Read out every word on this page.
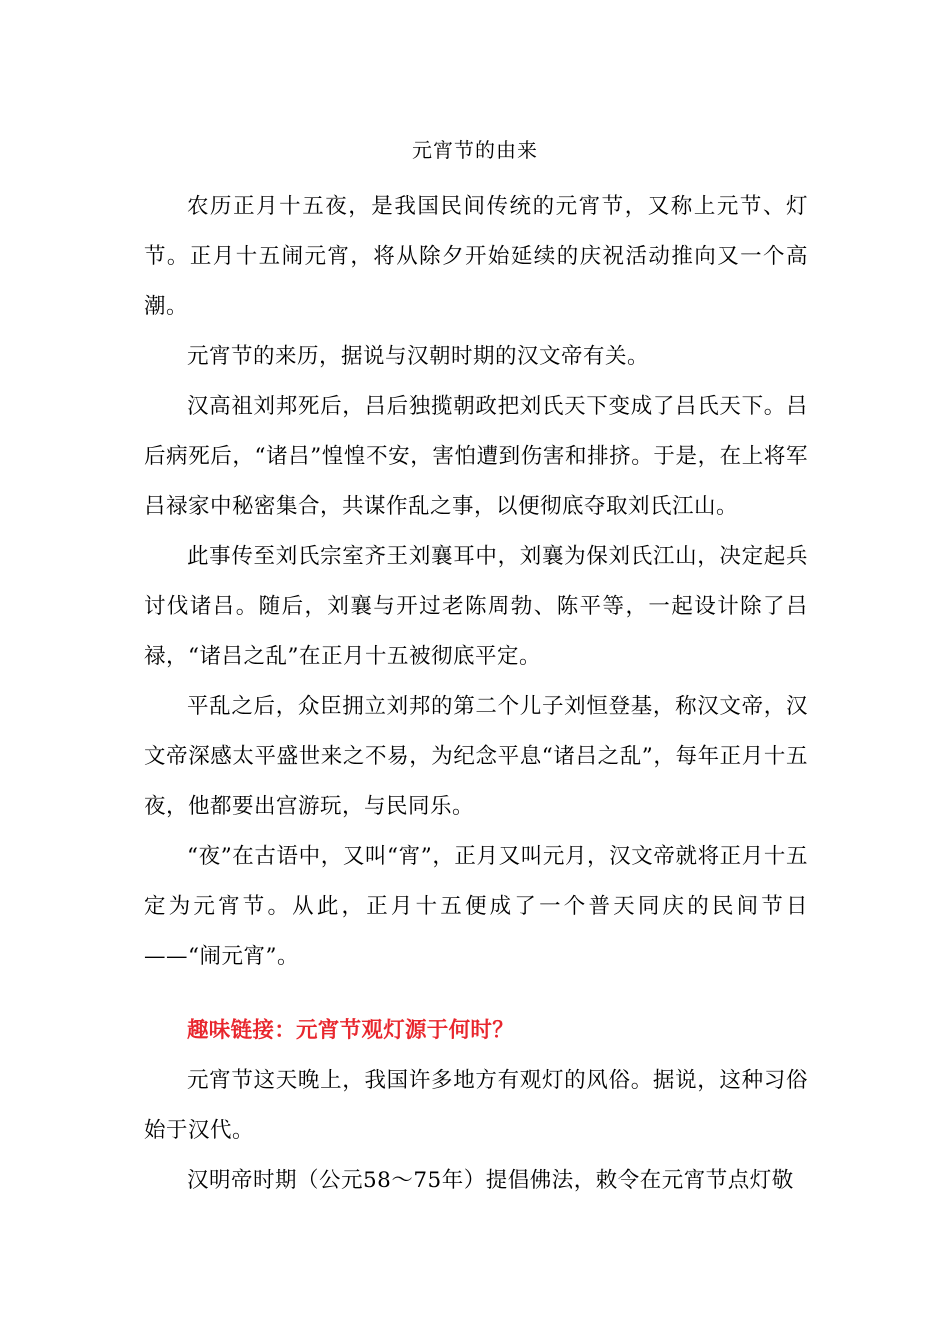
元宵节的由来

农历正月十五夜，是我国民间传统的元宵节，又称上元节、灯节。正月十五闹元宵，将从除夕开始延续的庆祝活动推向又一个高潮。

元宵节的来历，据说与汉朝时期的汉文帝有关。

汉高祖刘邦死后，吕后独揽朝政把刘氏天下变成了吕氏天下。吕后病死后，“诸吕”惶惶不安，害怕遭到伤害和排挤。于是，在上将军吕禄家中秘密集合，共谋作乱之事，以便彻底夺取刘氏江山。

此事传至刘氏宗室齐王刘襄耳中，刘襄为保刘氏江山，决定起兵讨伐诸吕。随后，刘襄与开过老陈周勃、陈平等，一起设计除了吕禄，“诸吕之乱”在正月十五被彻底平定。

平乱之后，众臣拥立刘邦的第二个儿子刘恒登基，称汉文帝，汉文帝深感太平盛世来之不易，为纪念平息“诸吕之乱”，每年正月十五夜，他都要出宫游玩，与民同乐。

“夜”在古语中，又叫“宵”，正月又叫元月，汉文帝就将正月十五定为元宵节。从此，正月十五便成了一个普天同庆的民间节日——“闹元宵”。

趣味链接：元宵节观灯源于何时？

元宵节这天晚上，我国许多地方有观灯的风俗。据说，这种习俗始于汉代。

汉明帝时期（公元58～75年）提倡佛法，敕令在元宵节点灯敬
